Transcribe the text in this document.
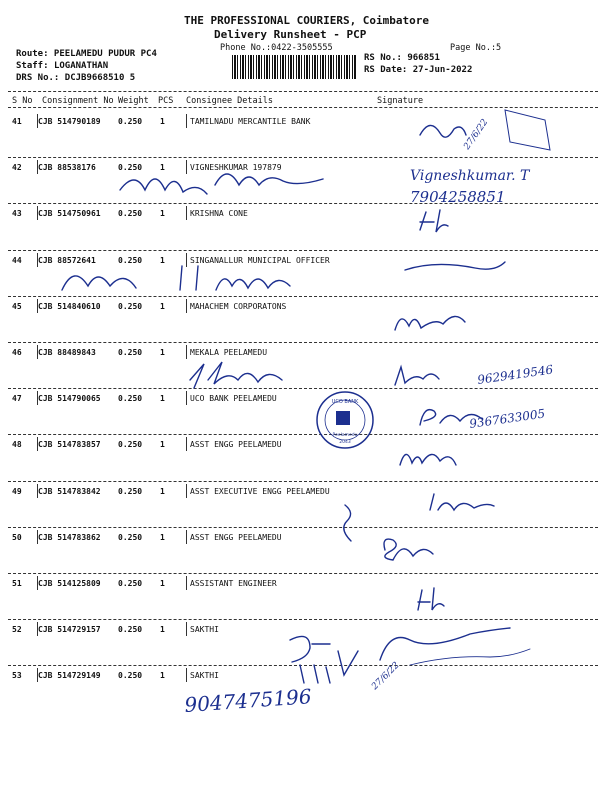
THE PROFESSIONAL COURIERS, Coimbatore
Delivery Runsheet - PCP
Phone No.:0422-3505555	Page No.:5
Route: PEELAMEDU PUDUR PC4
Staff: LOGANATHAN
DRS No.: DCJB9668510 5
RS No.: 966851
RS Date: 27-Jun-2022
S No Consignment No Weight PCS Consignee Details	Signature
41 CJB 514790189 0.250 1	TAMILNADU MERCANTILE BANK
42 CJB 88538176	0.250 1	VIGNESHKUMAR 197879
43 CJB 514750961 0.250 1	KRISHNA CONE
44 CJB 88572641	0.250 1	SINGANALLUR MUNICIPAL OFFICER
45 CJB 514840610 0.250 1	MAHACHEM CORPORATONS
46 CJB 88489843	0.250 1	MEKALA PEELAMEDU
47 CJB 514790065 0.250 1	UCO BANK PEELAMEDU
48 CJB 514783857 0.250 1	ASST ENGG PEELAMEDU
49 CJB 514783842 0.250 1	ASST EXECUTIVE ENGG PEELAMEDU
50 CJB 514783862 0.250 1	ASST ENGG PEELAMEDU
51 CJB 514125809 0.250 1	ASSISTANT ENGINEER
52 CJB 514729157 0.250 1	SAKTHI
53 CJB 514729149 0.250 1	SAKTHI
Vigneshkumar. T
7904258851
27/6/22
9629419546
9367633005
9047475196
27/6/22
UCO BANK
Peelamedu
2043
